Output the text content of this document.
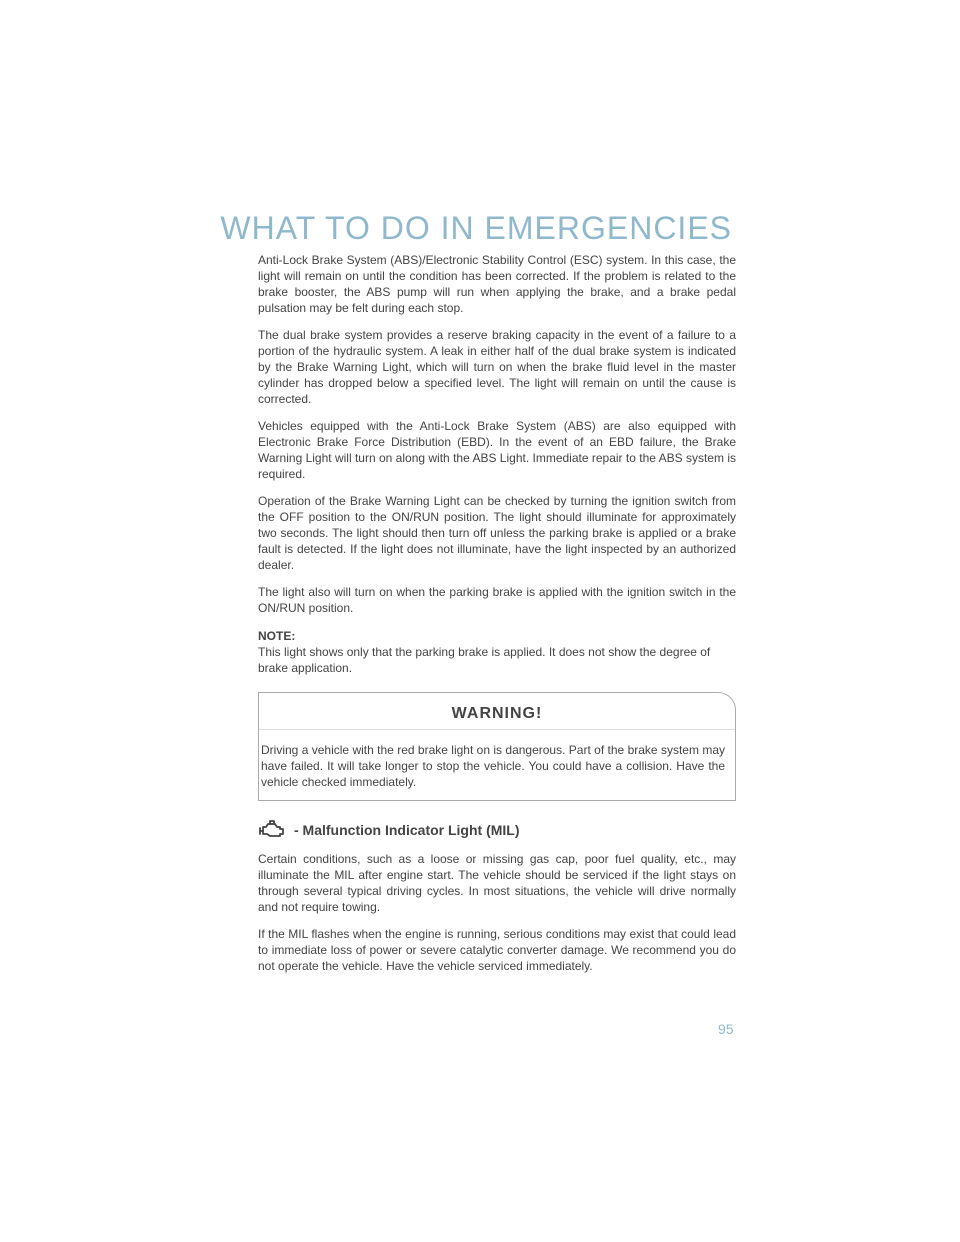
WHAT TO DO IN EMERGENCIES

Anti-Lock Brake System (ABS)/Electronic Stability Control (ESC) system. In this case, the light will remain on until the condition has been corrected. If the problem is related to the brake booster, the ABS pump will run when applying the brake, and a brake pedal pulsation may be felt during each stop.

The dual brake system provides a reserve braking capacity in the event of a failure to a portion of the hydraulic system. A leak in either half of the dual brake system is indicated by the Brake Warning Light, which will turn on when the brake fluid level in the master cylinder has dropped below a specified level. The light will remain on until the cause is corrected.

Vehicles equipped with the Anti-Lock Brake System (ABS) are also equipped with Electronic Brake Force Distribution (EBD). In the event of an EBD failure, the Brake Warning Light will turn on along with the ABS Light. Immediate repair to the ABS system is required.

Operation of the Brake Warning Light can be checked by turning the ignition switch from the OFF position to the ON/RUN position. The light should illuminate for approximately two seconds. The light should then turn off unless the parking brake is applied or a brake fault is detected. If the light does not illuminate, have the light inspected by an authorized dealer.

The light also will turn on when the parking brake is applied with the ignition switch in the ON/RUN position.

NOTE:

This light shows only that the parking brake is applied. It does not show the degree of brake application.

WARNING!

Driving a vehicle with the red brake light on is dangerous. Part of the brake system may have failed. It will take longer to stop the vehicle. You could have a collision. Have the vehicle checked immediately.

- Malfunction Indicator Light (MIL)

Certain conditions, such as a loose or missing gas cap, poor fuel quality, etc., may illuminate the MIL after engine start. The vehicle should be serviced if the light stays on through several typical driving cycles. In most situations, the vehicle will drive normally and not require towing.

If the MIL flashes when the engine is running, serious conditions may exist that could lead to immediate loss of power or severe catalytic converter damage. We recommend you do not operate the vehicle. Have the vehicle serviced immediately.

95
